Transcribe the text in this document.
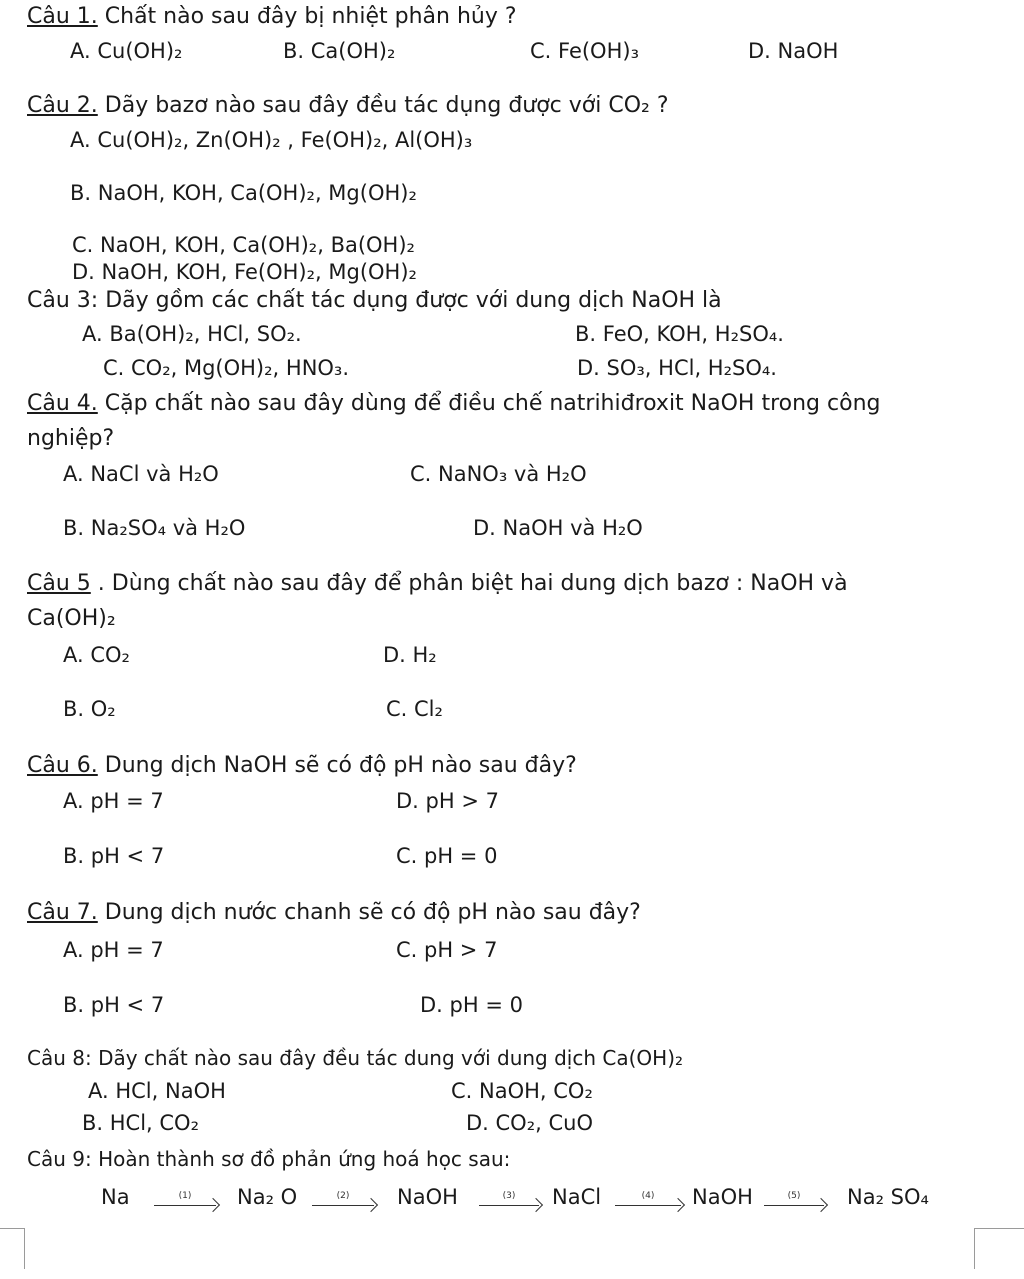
Câu 1. Chất nào sau đây bị nhiệt phân hủy ?
A. Cu(OH)₂	B. Ca(OH)₂	C. Fe(OH)₃	D. NaOH
Câu 2. Dãy bazơ nào sau đây đều tác dụng được với CO₂ ?
A. Cu(OH)₂, Zn(OH)₂ , Fe(OH)₂, Al(OH)₃
B. NaOH, KOH, Ca(OH)₂, Mg(OH)₂
C. NaOH, KOH, Ca(OH)₂, Ba(OH)₂
D. NaOH, KOH, Fe(OH)₂, Mg(OH)₂
Câu 3: Dãy gồm các chất tác dụng được với dung dịch NaOH là
A. Ba(OH)₂, HCl, SO₂.	B. FeO, KOH, H₂SO₄.
C. CO₂, Mg(OH)₂, HNO₃.	D. SO₃, HCl, H₂SO₄.
Câu 4. Cặp chất nào sau đây dùng để điều chế natrihiđroxit NaOH trong công
nghiệp?
A. NaCl và H₂O	C. NaNO₃ và H₂O
B. Na₂SO₄ và H₂O	D. NaOH và H₂O
Câu 5 . Dùng chất nào sau đây để phân biệt hai dung dịch bazơ : NaOH và
Ca(OH)₂
A. CO₂	D. H₂
B. O₂	C. Cl₂
Câu 6. Dung dịch NaOH sẽ có độ pH nào sau đây?
A. pH = 7	D. pH > 7
B. pH < 7	C. pH = 0
Câu 7. Dung dịch nước chanh sẽ có độ pH nào sau đây?
A. pH = 7	C. pH > 7
B. pH < 7	D. pH = 0
Câu 8: Dãy chất nào sau đây đều tác dung với dung dịch Ca(OH)₂
A. HCl, NaOH	C. NaOH, CO₂
B. HCl, CO₂	D. CO₂, CuO
Câu 9: Hoàn thành sơ đồ phản ứng hoá học sau:
Na	(1) Na₂ O	(2) NaOH	(3) NaCl	(4) NaOH	(5) Na₂ SO₄
